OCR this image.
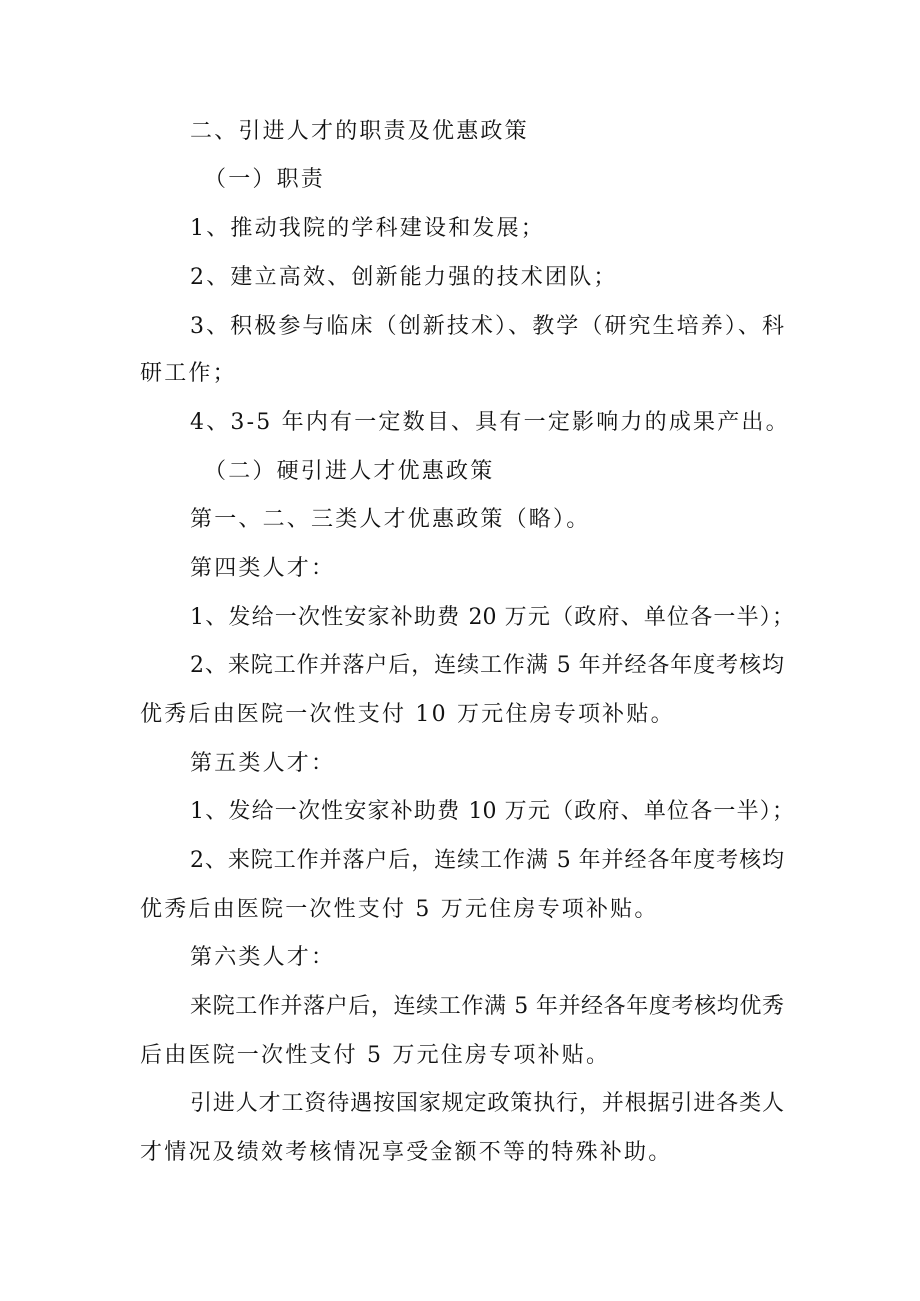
二、引进人才的职责及优惠政策
（一）职责
1、推动我院的学科建设和发展；
2、建立高效、创新能力强的技术团队；
3、积极参与临床（创新技术）、教学（研究生培养）、科
研工作；
4、3-5 年内有一定数目、具有一定影响力的成果产出。
（二）硬引进人才优惠政策
第一、二、三类人才优惠政策（略）。
第四类人才：
1、发给一次性安家补助费 20 万元（政府、单位各一半）；
2、来院工作并落户后，连续工作满 5 年并经各年度考核均
优秀后由医院一次性支付 10 万元住房专项补贴。
第五类人才：
1、发给一次性安家补助费 10 万元（政府、单位各一半）；
2、来院工作并落户后，连续工作满 5 年并经各年度考核均
优秀后由医院一次性支付 5 万元住房专项补贴。
第六类人才：
来院工作并落户后，连续工作满 5 年并经各年度考核均优秀
后由医院一次性支付 5 万元住房专项补贴。
引进人才工资待遇按国家规定政策执行，并根据引进各类人
才情况及绩效考核情况享受金额不等的特殊补助。
